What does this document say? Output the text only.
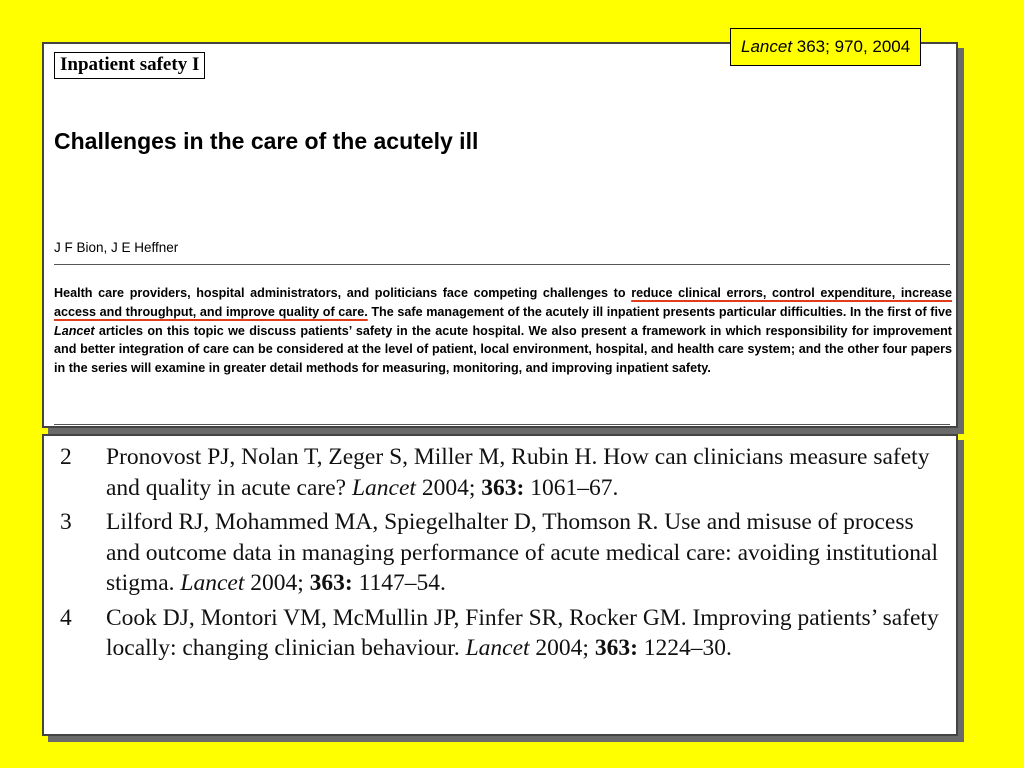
Inpatient safety I
Challenges in the care of the acutely ill
J F Bion, J E Heffner
Health care providers, hospital administrators, and politicians face competing challenges to reduce clinical errors, control expenditure, increase access and throughput, and improve quality of care. The safe management of the acutely ill inpatient presents particular difficulties. In the first of five Lancet articles on this topic we discuss patients’ safety in the acute hospital. We also present a framework in which responsibility for improvement and better integration of care can be considered at the level of patient, local environment, hospital, and health care system; and the other four papers in the series will examine in greater detail methods for measuring, monitoring, and improving inpatient safety.
Lancet 363; 970, 2004
2	Pronovost PJ, Nolan T, Zeger S, Miller M, Rubin H. How can clinicians measure safety and quality in acute care? Lancet 2004; 363: 1061–67.
3	Lilford RJ, Mohammed MA, Spiegelhalter D, Thomson R. Use and misuse of process and outcome data in managing performance of acute medical care: avoiding institutional stigma. Lancet 2004; 363: 1147–54.
4	Cook DJ, Montori VM, McMullin JP, Finfer SR, Rocker GM. Improving patients’ safety locally: changing clinician behaviour. Lancet 2004; 363: 1224–30.
